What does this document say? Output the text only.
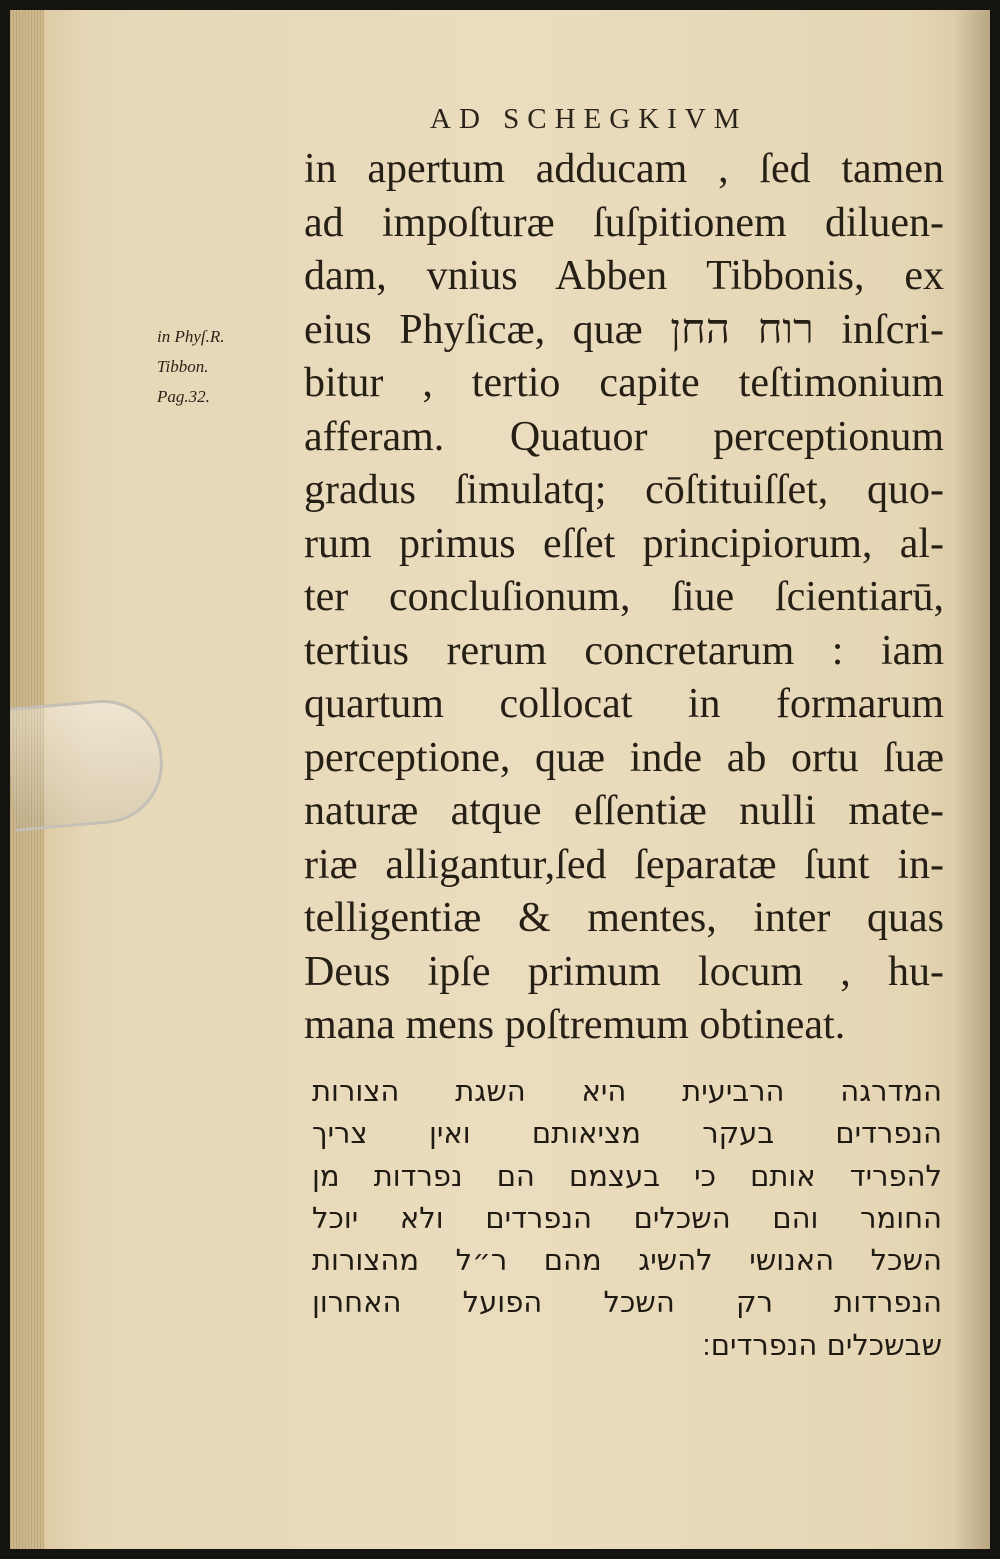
AD SCHEGKIVM
in Phyſ.R.
Tibbon.
Pag.32.
in apertum adducam , ſed tamen
ad impoſturæ ſuſpitionem diluen-
dam, vnius Abben Tibbonis, ex
eius Phyſicæ, quæ רוח החן inſcri-
bitur , tertio capite teſtimonium
afferam. Quatuor perceptionum
gradus ſimulatq; cōſtituiſſet, quo-
rum primus eſſet principiorum, al-
ter concluſionum, ſiue ſcientiarū,
tertius rerum concretarum : iam
quartum collocat in formarum
perceptione, quæ inde ab ortu ſuæ
naturæ atque eſſentiæ nulli mate-
riæ alligantur,ſed ſeparatæ ſunt in-
telligentiæ & mentes, inter quas
Deus ipſe primum locum , hu-
mana mens poſtremum obtineat.
המדרגה הרביעית היא השגת הצורות
הנפרדים בעקר מציאותם ואין צריך
להפריד אותם כי בעצמם הם נפרדות מן
החומר והם השכלים הנפרדים ולא יוכל
השכל האנושי להשיג מהם ר״ל מהצורות
הנפרדות רק השכל הפועל האחרון
שבשכלים הנפרדים׃
